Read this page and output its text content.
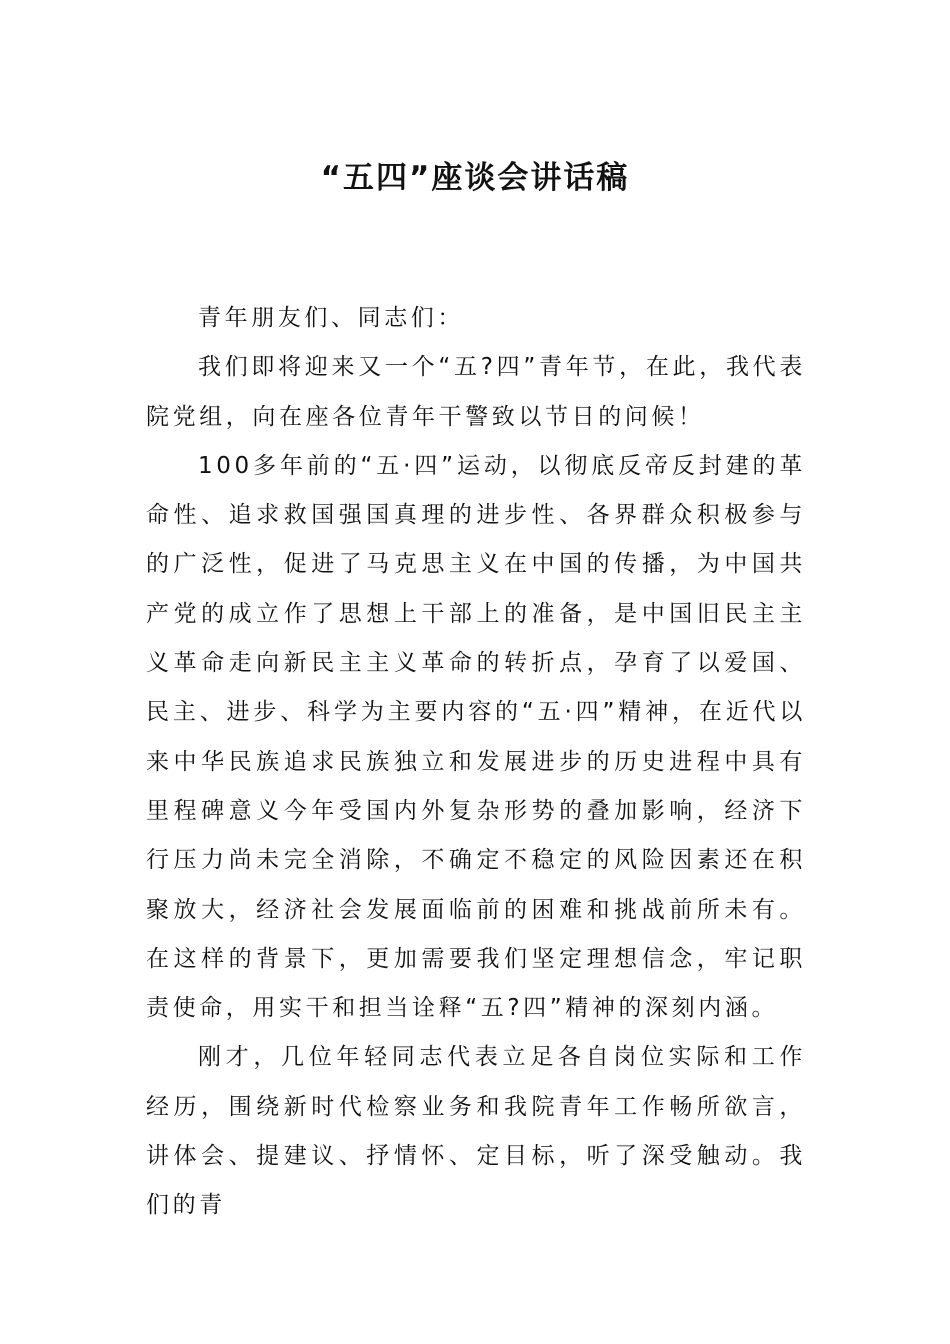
“五四”座谈会讲话稿

青年朋友们、同志们：

我们即将迎来又一个“五?四”青年节，在此，我代表院党组，向在座各位青年干警致以节日的问候！

100多年前的“五·四”运动，以彻底反帝反封建的革命性、追求救国强国真理的进步性、各界群众积极参与的广泛性，促进了马克思主义在中国的传播，为中国共产党的成立作了思想上干部上的准备，是中国旧民主主义革命走向新民主主义革命的转折点，孕育了以爱国、民主、进步、科学为主要内容的“五·四”精神，在近代以来中华民族追求民族独立和发展进步的历史进程中具有里程碑意义今年受国内外复杂形势的叠加影响，经济下行压力尚未完全消除，不确定不稳定的风险因素还在积聚放大，经济社会发展面临前的困难和挑战前所未有。在这样的背景下，更加需要我们坚定理想信念，牢记职责使命，用实干和担当诠释“五?四”精神的深刻内涵。

刚才，几位年轻同志代表立足各自岗位实际和工作经历，围绕新时代检察业务和我院青年工作畅所欲言，讲体会、提建议、抒情怀、定目标，听了深受触动。我们的青
